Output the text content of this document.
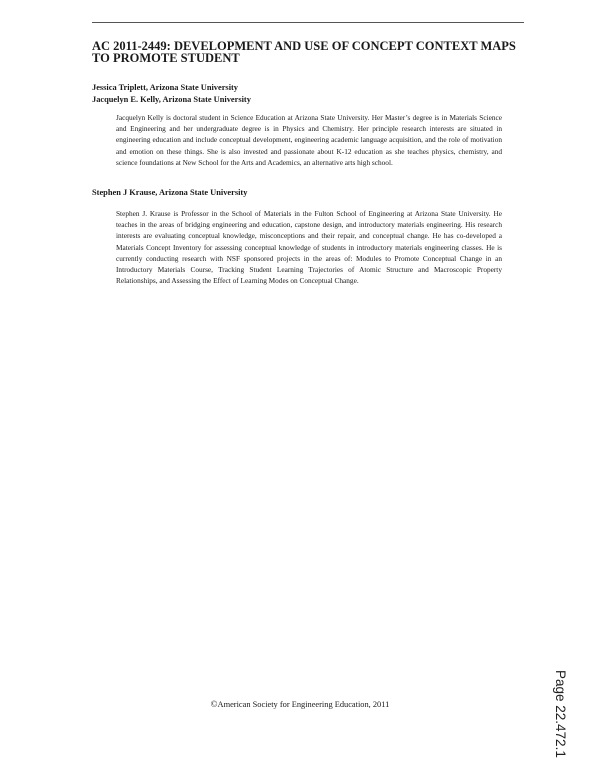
AC 2011-2449: DEVELOPMENT AND USE OF CONCEPT CONTEXT MAPS TO PROMOTE STUDENT
Jessica Triplett, Arizona State University
Jacquelyn E. Kelly, Arizona State University

Jacquelyn Kelly is doctoral student in Science Education at Arizona State University. Her Master’s degree is in Materials Science and Engineering and her undergraduate degree is in Physics and Chemistry. Her principle research interests are situated in engineering education and include conceptual development, engineering academic language acquisition, and the role of motivation and emotion on these things. She is also invested and passionate about K-12 education as she teaches physics, chemistry, and science foundations at New School for the Arts and Academics, an alternative arts high school.

Stephen J Krause, Arizona State University

Stephen J. Krause is Professor in the School of Materials in the Fulton School of Engineering at Arizona State University. He teaches in the areas of bridging engineering and education, capstone design, and introductory materials engineering. His research interests are evaluating conceptual knowledge, misconceptions and their repair, and conceptual change. He has co-developed a Materials Concept Inventory for assessing conceptual knowledge of students in introductory materials engineering classes. He is currently conducting research with NSF sponsored projects in the areas of: Modules to Promote Conceptual Change in an Introductory Materials Course, Tracking Student Learning Trajectories of Atomic Structure and Macroscopic Property Relationships, and Assessing the Effect of Learning Modes on Conceptual Change.

©American Society for Engineering Education, 2011	Page 22.472.1
